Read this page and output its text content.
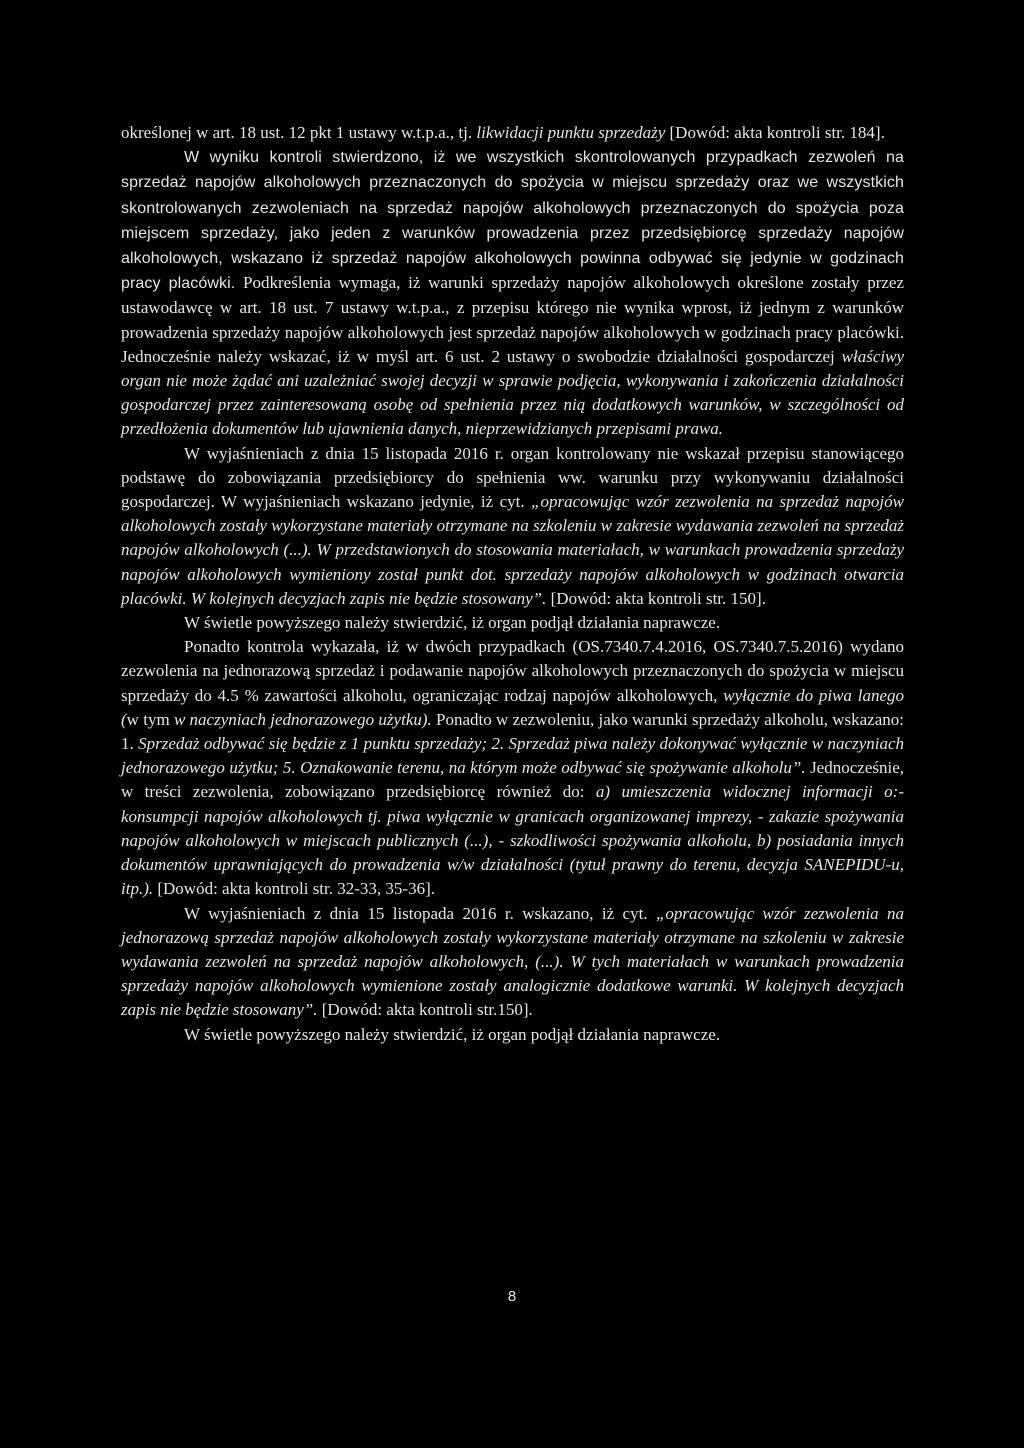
określonej w art. 18 ust. 12 pkt 1 ustawy w.t.p.a., tj. likwidacji punktu sprzedaży [Dowód: akta kontroli str. 184].

W wyniku kontroli stwierdzono, iż we wszystkich skontrolowanych przypadkach zezwoleń na sprzedaż napojów alkoholowych przeznaczonych do spożycia w miejscu sprzedaży oraz we wszystkich skontrolowanych zezwoleniach na sprzedaż napojów alkoholowych przeznaczonych do spożycia poza miejscem sprzedaży, jako jeden z warunków prowadzenia przez przedsiębiorcę sprzedaży napojów alkoholowych, wskazano iż sprzedaż napojów alkoholowych powinna odbywać się jedynie w godzinach pracy placówki. Podkreślenia wymaga, iż warunki sprzedaży napojów alkoholowych określone zostały przez ustawodawcę w art. 18 ust. 7 ustawy w.t.p.a., z przepisu którego nie wynika wprost, iż jednym z warunków prowadzenia sprzedaży napojów alkoholowych jest sprzedaż napojów alkoholowych w godzinach pracy placówki. Jednocześnie należy wskazać, iż w myśl art. 6 ust. 2 ustawy o swobodzie działalności gospodarczej właściwy organ nie może żądać ani uzależniać swojej decyzji w sprawie podjęcia, wykonywania i zakończenia działalności gospodarczej przez zainteresowaną osobę od spełnienia przez nią dodatkowych warunków, w szczególności od przedłożenia dokumentów lub ujawnienia danych, nieprzewidzianych przepisami prawa.

W wyjaśnieniach z dnia 15 listopada 2016 r. organ kontrolowany nie wskazał przepisu stanowiącego podstawę do zobowiązania przedsiębiorcy do spełnienia ww. warunku przy wykonywaniu działalności gospodarczej. W wyjaśnieniach wskazano jedynie, iż cyt. „opracowując wzór zezwolenia na sprzedaż napojów alkoholowych zostały wykorzystane materiały otrzymane na szkoleniu w zakresie wydawania zezwoleń na sprzedaż napojów alkoholowych (...). W przedstawionych do stosowania materiałach, w warunkach prowadzenia sprzedaży napojów alkoholowych wymieniony został punkt dot. sprzedaży napojów alkoholowych w godzinach otwarcia placówki. W kolejnych decyzjach zapis nie będzie stosowany”. [Dowód: akta kontroli str. 150].

W świetle powyższego należy stwierdzić, iż organ podjął działania naprawcze.

Ponadto kontrola wykazała, iż w dwóch przypadkach (OS.7340.7.4.2016, OS.7340.7.5.2016) wydano zezwolenia na jednorazową sprzedaż i podawanie napojów alkoholowych przeznaczonych do spożycia w miejscu sprzedaży do 4.5 % zawartości alkoholu, ograniczając rodzaj napojów alkoholowych, wyłącznie do piwa lanego (w tym w naczyniach jednorazowego użytku). Ponadto w zezwoleniu, jako warunki sprzedaży alkoholu, wskazano: 1. Sprzedaż odbywać się będzie z 1 punktu sprzedaży; 2. Sprzedaż piwa należy dokonywać wyłącznie w naczyniach jednorazowego użytku; 5. Oznakowanie terenu, na którym może odbywać się spożywanie alkoholu”. Jednocześnie, w treści zezwolenia, zobowiązano przedsiębiorcę również do: a) umieszczenia widocznej informacji o:- konsumpcji napojów alkoholowych tj. piwa wyłącznie w granicach organizowanej imprezy, - zakazie spożywania napojów alkoholowych w miejscach publicznych (...), - szkodliwości spożywania alkoholu, b) posiadania innych dokumentów uprawniających do prowadzenia w/w działalności (tytuł prawny do terenu, decyzja SANEPIDU-u, itp.). [Dowód: akta kontroli str. 32-33, 35-36].

W wyjaśnieniach z dnia 15 listopada 2016 r. wskazano, iż cyt. „opracowując wzór zezwolenia na jednorazową sprzedaż napojów alkoholowych zostały wykorzystane materiały otrzymane na szkoleniu w zakresie wydawania zezwoleń na sprzedaż napojów alkoholowych, (...). W tych materiałach w warunkach prowadzenia sprzedaży napojów alkoholowych wymienione zostały analogicznie dodatkowe warunki. W kolejnych decyzjach zapis nie będzie stosowany”. [Dowód: akta kontroli str.150].

W świetle powyższego należy stwierdzić, iż organ podjął działania naprawcze.

8
